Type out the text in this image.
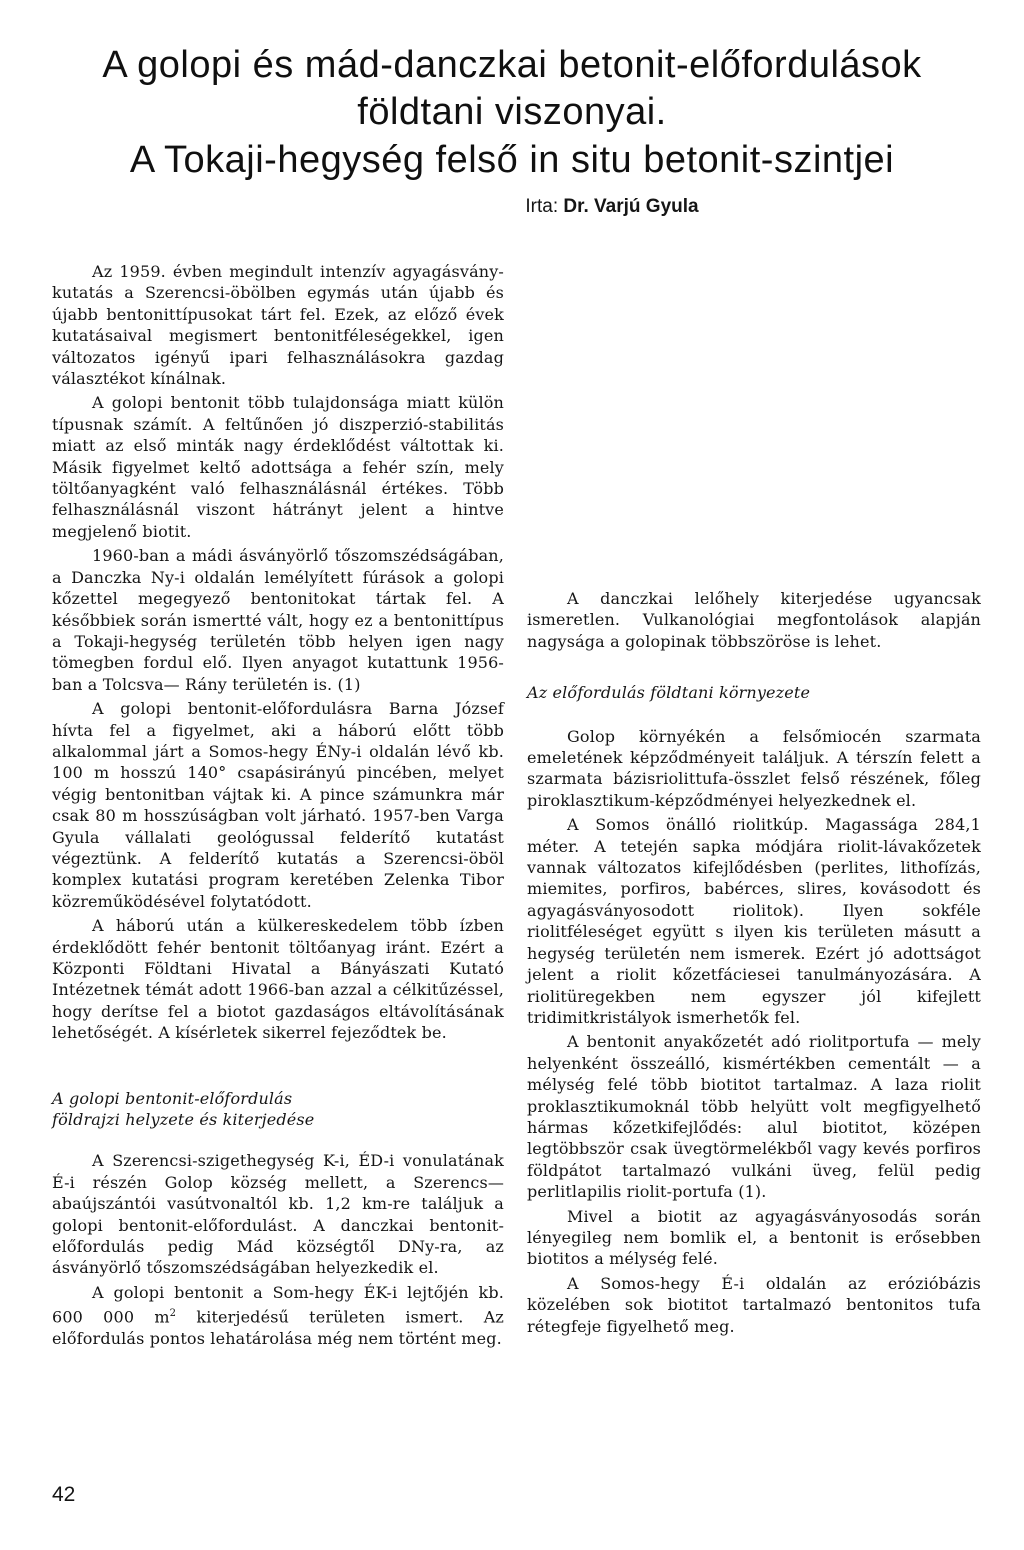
A golopi és mád-danczkai betonit-előfordulások
földtani viszonyai.
A Tokaji-hegység felső in situ betonit-szintjei
Irta: Dr. Varjú Gyula

Az 1959. évben megindult intenzív agyagásvány-kutatás a Szerencsi-öbölben egymás után újabb és újabb bentonittípusokat tárt fel. Ezek, az előző évek kutatásaival megismert bentonitféleségekkel, igen változatos igényű ipari felhasználásokra gazdag választékot kínálnak.

A golopi bentonit több tulajdonsága miatt külön típusnak számít. A feltűnően jó diszperzió-stabilitás miatt az első minták nagy érdeklődést váltottak ki. Másik figyelmet keltő adottsága a fehér szín, mely töltőanyagként való felhasználásnál értékes. Több felhasználásnál viszont hátrányt jelent a hintve megjelenő biotit.

1960-ban a mádi ásványörlő tőszomszédságában, a Danczka Ny-i oldalán lemélyített fúrások a golopi kőzettel megegyező bentonitokat tártak fel. A későbbiek során ismertté vált, hogy ez a bentonittípus a Tokaji-hegység területén több helyen igen nagy tömegben fordul elő. Ilyen anyagot kutattunk 1956-ban a Tolcsva— Rány területén is. (1)

A golopi bentonit-előfordulásra Barna József hívta fel a figyelmet, aki a háború előtt több alkalommal járt a Somos-hegy ÉNy-i oldalán lévő kb. 100 m hosszú 140° csapásirányú pincében, melyet végig bentonitban vájtak ki. A pince számunkra már csak 80 m hosszúságban volt járható. 1957-ben Varga Gyula vállalati geológussal felderítő kutatást végeztünk. A felderítő kutatás a Szerencsi-öböl komplex kutatási program keretében Zelenka Tibor közreműködésével folytatódott.

A háború után a külkereskedelem több ízben érdeklődött fehér bentonit töltőanyag iránt. Ezért a Központi Földtani Hivatal a Bányászati Kutató Intézetnek témát adott 1966-ban azzal a célkitűzéssel, hogy derítse fel a biotot gazdaságos eltávolításának lehetőségét. A kísérletek sikerrel fejeződtek be.

A golopi bentonit-előfordulás
földrajzi helyzete és kiterjedése

A Szerencsi-szigethegység K-i, ÉD-i vonulatának É-i részén Golop község mellett, a Szerencs—abaújszántói vasútvonaltól kb. 1,2 km-re találjuk a golopi bentonit-előfordulást. A danczkai bentonit-előfordulás pedig Mád községtől DNy-ra, az ásványörlő tőszomszédságában helyezkedik el.

A golopi bentonit a Som-hegy ÉK-i lejtőjén kb. 600 000 $m^2$ kiterjedésű területen ismert. Az előfordulás pontos lehatárolása még nem történt meg.

A danczkai lelőhely kiterjedése ugyancsak ismeretlen. Vulkanológiai megfontolások alapján nagysága a golopinak többszöröse is lehet.

Az előfordulás földtani környezete

Golop környékén a felsőmiocén szarmata emeletének képződményeit találjuk. A térszín felett a szarmata bázisriolittufa-összlet felső részének, főleg piroklasztikum-képződményei helyezkednek el.

A Somos önálló riolitkúp. Magassága 284,1 méter. A tetején sapka módjára riolit-lávakőzetek vannak változatos kifejlődésben (perlites, lithofízás, miemites, porfiros, babérces, slires, kovásodott és agyagásványosodott riolitok). Ilyen sokféle riolitféleséget együtt s ilyen kis területen másutt a hegység területén nem ismerek. Ezért jó adottságot jelent a riolit kőzetfáciesei tanulmányozására. A riolitüregekben nem egyszer jól kifejlett tridimitkristályok ismerhetők fel.

A bentonit anyakőzetét adó riolitportufa — mely helyenként összeálló, kismértékben cementált — a mélység felé több biotitot tartalmaz. A laza riolit proklasztikumoknál több helyütt volt megfigyelhető hármas kőzetkifejlődés: alul biotitot, középen legtöbbször csak üvegtörmelékből vagy kevés porfiros földpátot tartalmazó vulkáni üveg, felül pedig perlitlapilis riolit-portufa (1).

Mivel a biotit az agyagásványosodás során lényegileg nem bomlik el, a bentonit is erősebben biotitos a mélység felé.

A Somos-hegy É-i oldalán az erózióbázis közelében sok biotitot tartalmazó bentonitos tufa rétegfeje figyelhető meg.

42
